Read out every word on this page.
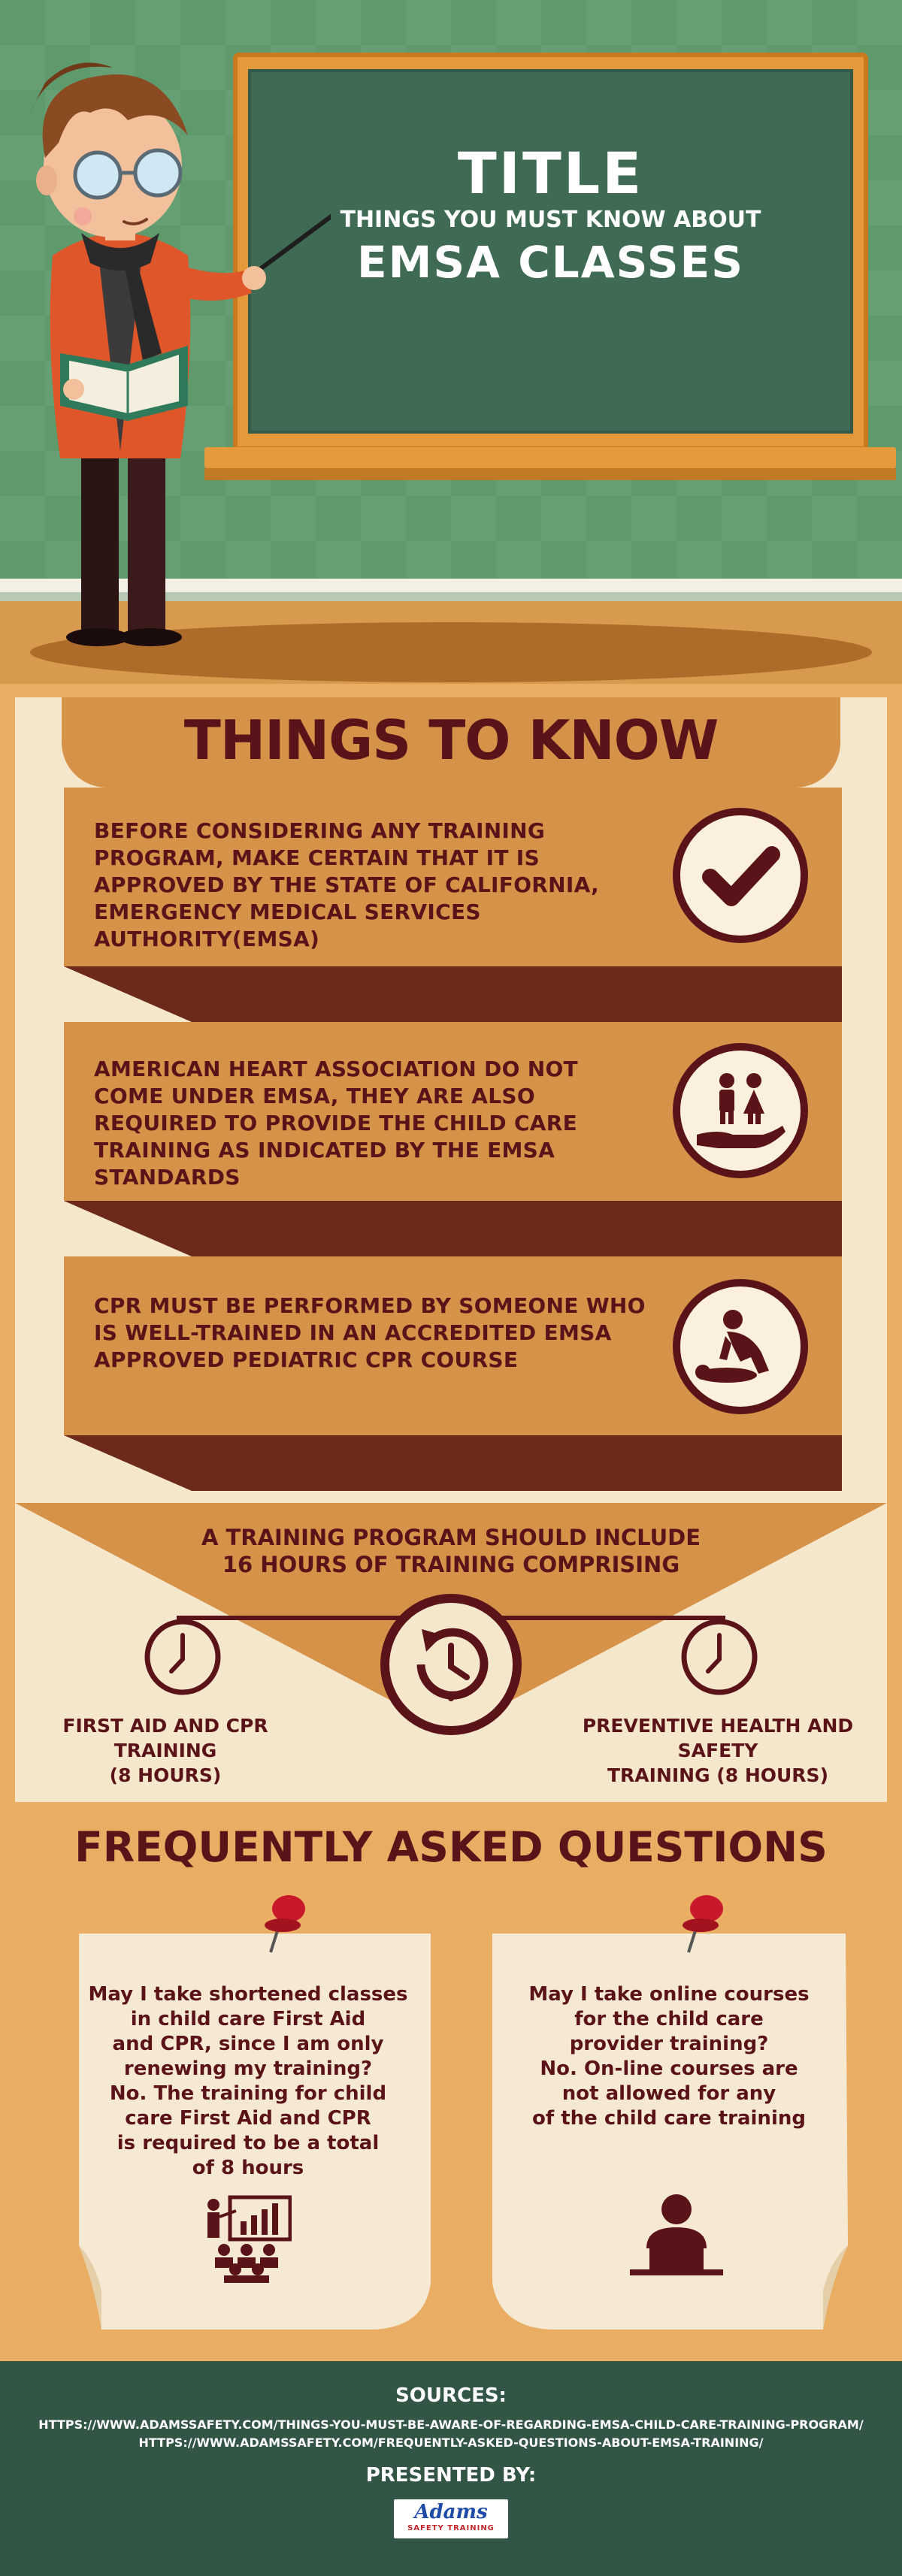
TITLE
THINGS YOU MUST KNOW ABOUT
EMSA CLASSES
THINGS TO KNOW
BEFORE CONSIDERING ANY TRAINING PROGRAM, MAKE CERTAIN THAT IT IS APPROVED BY THE STATE OF CALIFORNIA, EMERGENCY MEDICAL SERVICES AUTHORITY(EMSA)
AMERICAN HEART ASSOCIATION DO NOT COME UNDER EMSA, THEY ARE ALSO REQUIRED TO PROVIDE THE CHILD CARE TRAINING AS INDICATED BY THE EMSA STANDARDS
CPR MUST BE PERFORMED BY SOMEONE WHO IS WELL-TRAINED IN AN ACCREDITED EMSA APPROVED PEDIATRIC CPR COURSE
A TRAINING PROGRAM SHOULD INCLUDE
16 HOURS OF TRAINING COMPRISING
FIRST AID AND CPR TRAINING
(8 HOURS)
PREVENTIVE HEALTH AND SAFETY
TRAINING (8 HOURS)
FREQUENTLY ASKED QUESTIONS
May I take shortened classes
in child care First Aid
and CPR, since I am only
renewing my training?
No. The training for child
care First Aid and CPR
is required to be a total
of 8 hours
May I take online courses
for the child care
provider training?
No. On-line courses are
not allowed for any
of the child care training
SOURCES:
HTTPS://WWW.ADAMSSAFETY.COM/THINGS-YOU-MUST-BE-AWARE-OF-REGARDING-EMSA-CHILD-CARE-TRAINING-PROGRAM/
HTTPS://WWW.ADAMSSAFETY.COM/FREQUENTLY-ASKED-QUESTIONS-ABOUT-EMSA-TRAINING/
PRESENTED BY:
Adams
SAFETY TRAINING
